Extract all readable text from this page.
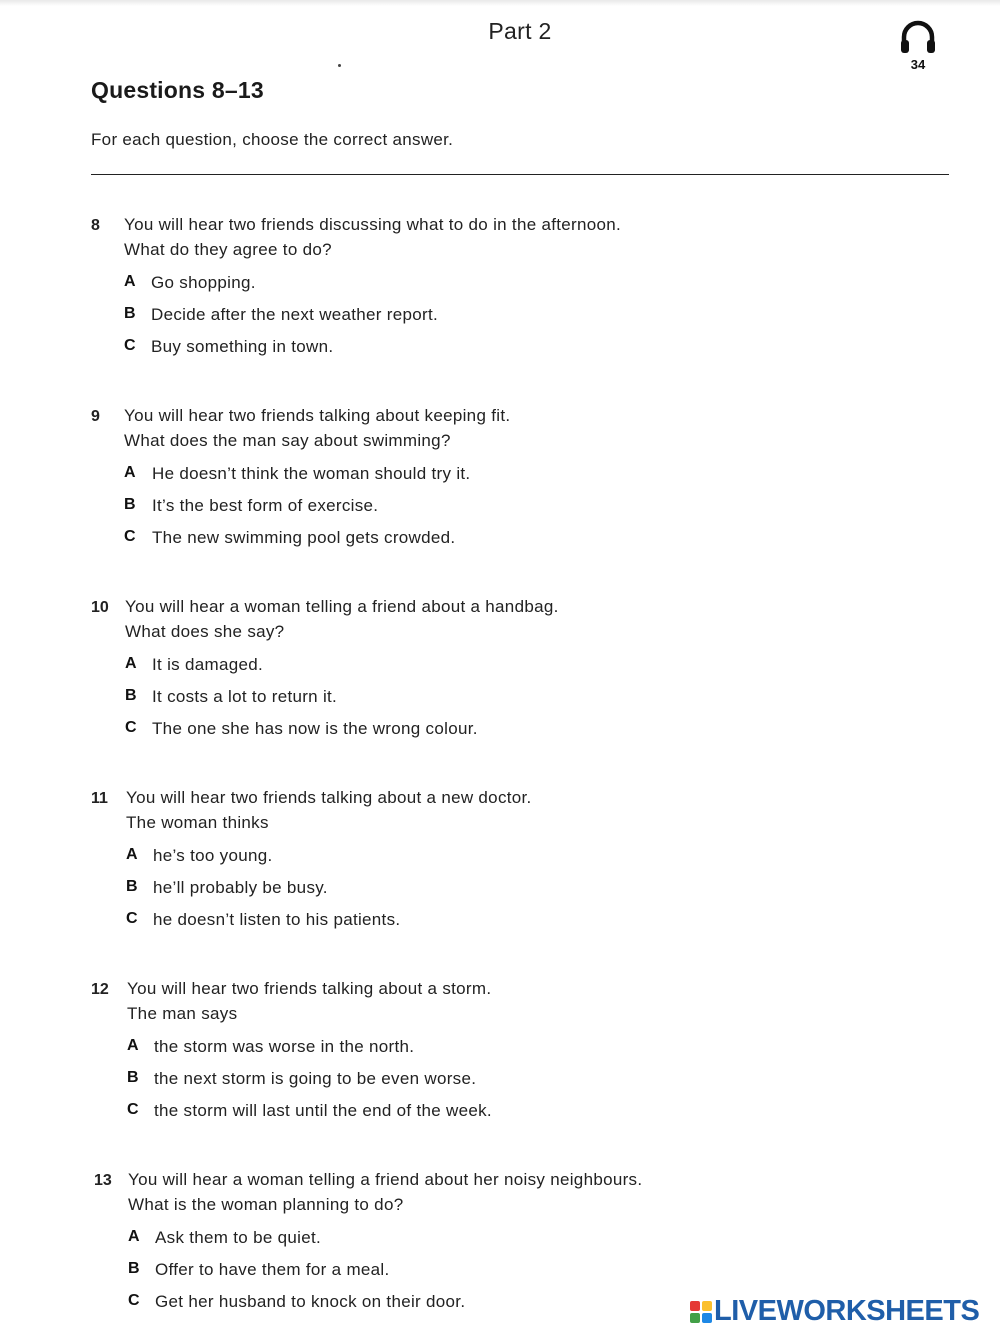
Part 2
34
Questions 8–13
For each question, choose the correct answer.
8 You will hear two friends discussing what to do in the afternoon.
What do they agree to do?
A Go shopping.
B Decide after the next weather report.
C Buy something in town.
9 You will hear two friends talking about keeping fit.
What does the man say about swimming?
A He doesn’t think the woman should try it.
B It’s the best form of exercise.
C The new swimming pool gets crowded.
10 You will hear a woman telling a friend about a handbag.
What does she say?
A It is damaged.
B It costs a lot to return it.
C The one she has now is the wrong colour.
11 You will hear two friends talking about a new doctor.
The woman thinks
A he’s too young.
B he’ll probably be busy.
C he doesn’t listen to his patients.
12 You will hear two friends talking about a storm.
The man says
A the storm was worse in the north.
B the next storm is going to be even worse.
C the storm will last until the end of the week.
13 You will hear a woman telling a friend about her noisy neighbours.
What is the woman planning to do?
A Ask them to be quiet.
B Offer to have them for a meal.
C Get her husband to knock on their door.	LIVEWORKSHEETS
